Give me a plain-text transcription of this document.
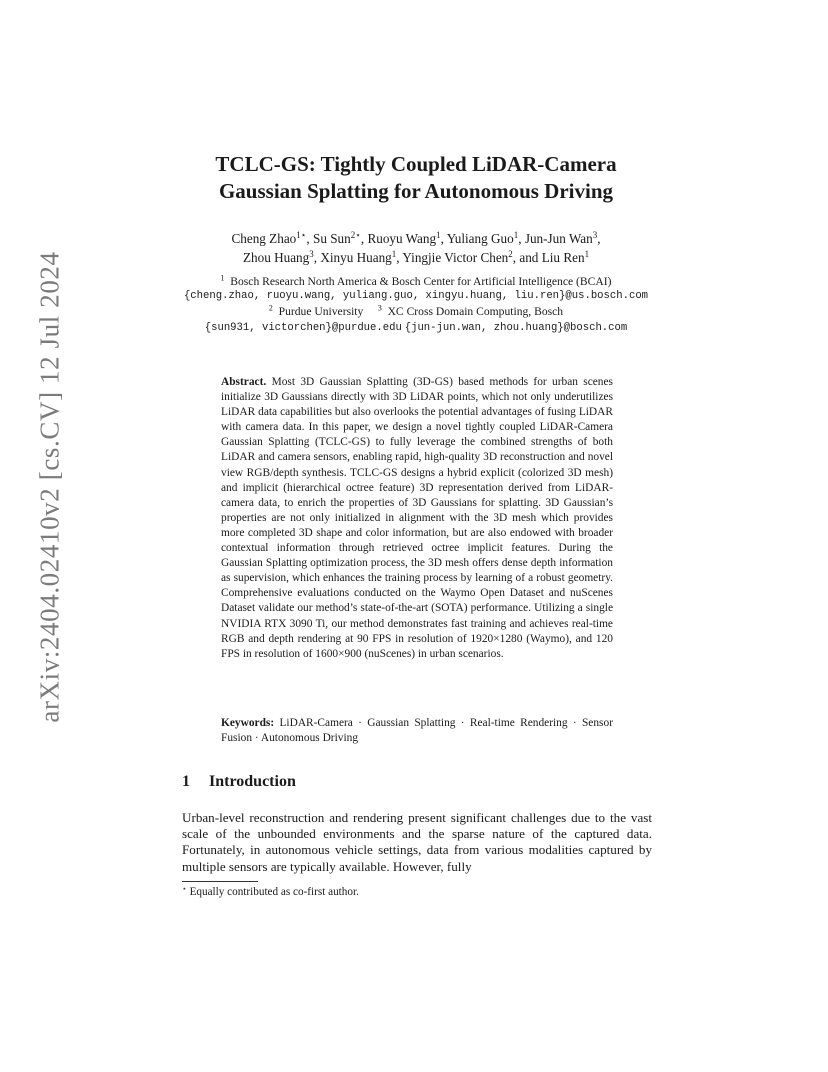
arXiv:2404.02410v2 [cs.CV] 12 Jul 2024
TCLC-GS: Tightly Coupled LiDAR-Camera
Gaussian Splatting for Autonomous Driving
Cheng Zhao$^{1⋆}$, Su Sun$^{2⋆}$, Ruoyu Wang$^1$, Yuliang Guo$^1$, Jun-Jun Wan$^3$,
Zhou Huang$^3$, Xinyu Huang$^1$, Yingjie Victor Chen$^2$, and Liu Ren$^1$
$^1$ Bosch Research North America & Bosch Center for Artificial Intelligence (BCAI)
{cheng.zhao, ruoyu.wang, yuliang.guo, xingyu.huang, liu.ren}@us.bosch.com
$^2$ Purdue University $^3$ XC Cross Domain Computing, Bosch
{sun931, victorchen}@purdue.edu {jun-jun.wan, zhou.huang}@bosch.com

Abstract. Most 3D Gaussian Splatting (3D-GS) based methods for urban scenes initialize 3D Gaussians directly with 3D LiDAR points, which not only underutilizes LiDAR data capabilities but also overlooks the potential advantages of fusing LiDAR with camera data. In this paper, we design a novel tightly coupled LiDAR-Camera Gaussian Splatting (TCLC-GS) to fully leverage the combined strengths of both LiDAR and camera sensors, enabling rapid, high-quality 3D reconstruction and novel view RGB/depth synthesis. TCLC-GS designs a hybrid explicit (colorized 3D mesh) and implicit (hierarchical octree feature) 3D representation derived from LiDAR-camera data, to enrich the properties of 3D Gaussians for splatting. 3D Gaussian’s properties are not only initialized in alignment with the 3D mesh which provides more completed 3D shape and color information, but are also endowed with broader contextual information through retrieved octree implicit features. During the Gaussian Splatting optimization process, the 3D mesh offers dense depth information as supervision, which enhances the training process by learning of a robust geometry. Comprehensive evaluations conducted on the Waymo Open Dataset and nuScenes Dataset validate our method’s state-of-the-art (SOTA) performance. Utilizing a single NVIDIA RTX 3090 Ti, our method demonstrates fast training and achieves real-time RGB and depth rendering at 90 FPS in resolution of 1920×1280 (Waymo), and 120 FPS in resolution of 1600×900 (nuScenes) in urban scenarios.

Keywords: LiDAR-Camera · Gaussian Splatting · Real-time Rendering · Sensor Fusion · Autonomous Driving

1 Introduction

Urban-level reconstruction and rendering present significant challenges due to the vast scale of the unbounded environments and the sparse nature of the captured data. Fortunately, in autonomous vehicle settings, data from various modalities captured by multiple sensors are typically available. However, fully

⋆ Equally contributed as co-first author.
